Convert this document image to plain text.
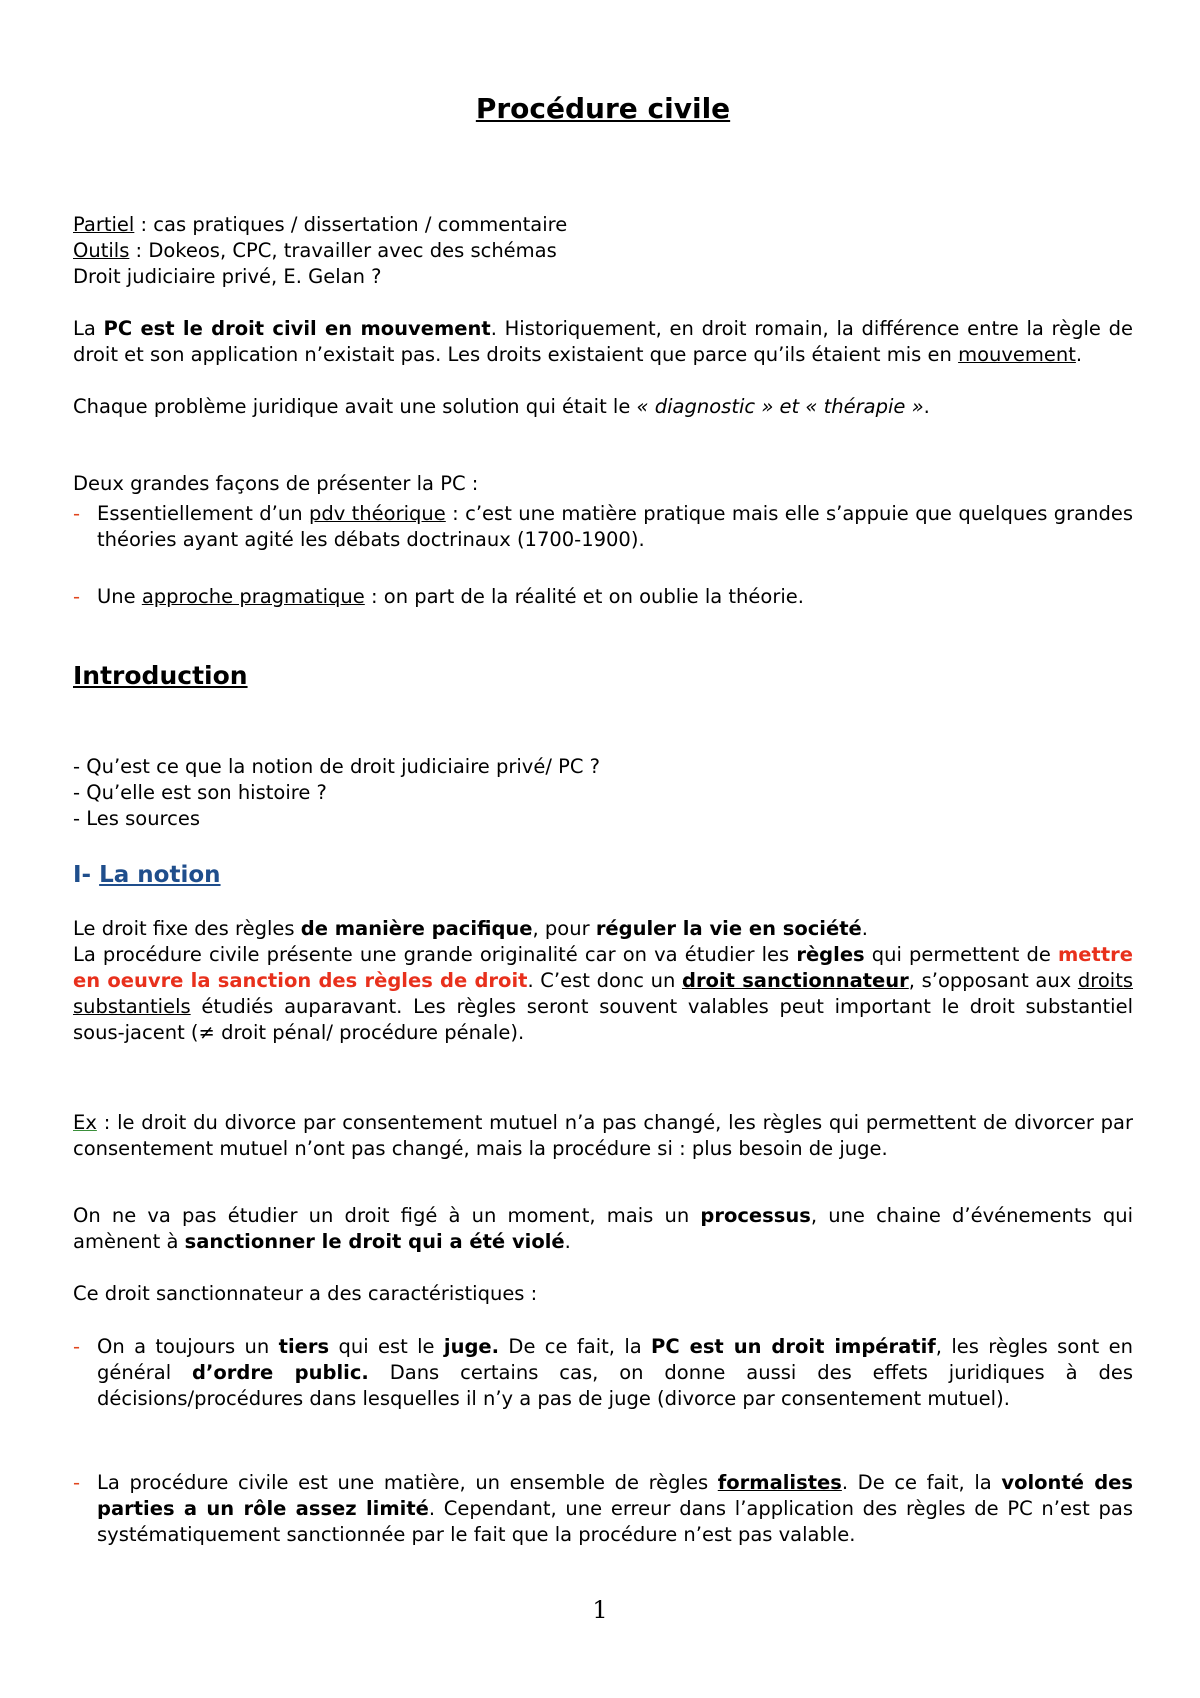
Procédure civile
Partiel : cas pratiques / dissertation / commentaire
Outils : Dokeos, CPC, travailler avec des schémas
Droit judiciaire privé, E. Gelan ?
La PC est le droit civil en mouvement. Historiquement, en droit romain, la différence entre la règle de droit et son application n’existait pas. Les droits existaient que parce qu’ils étaient mis en mouvement.
Chaque problème juridique avait une solution qui était le « diagnostic » et « thérapie ».
Deux grandes façons de présenter la PC :
- Essentiellement d’un pdv théorique : c’est une matière pratique mais elle s’appuie que quelques grandes théories ayant agité les débats doctrinaux (1700-1900).
- Une approche pragmatique : on part de la réalité et on oublie la théorie.
Introduction
- Qu’est ce que la notion de droit judiciaire privé/ PC ?
- Qu’elle est son histoire ?
- Les sources
I- La notion
Le droit fixe des règles de manière pacifique, pour réguler la vie en société.
La procédure civile présente une grande originalité car on va étudier les règles qui permettent de mettre en oeuvre la sanction des règles de droit. C’est donc un droit sanctionnateur, s’opposant aux droits substantiels étudiés auparavant. Les règles seront souvent valables peut important le droit substantiel sous-jacent (≠ droit pénal/ procédure pénale).
Ex : le droit du divorce par consentement mutuel n’a pas changé, les règles qui permettent de divorcer par consentement mutuel n’ont pas changé, mais la procédure si : plus besoin de juge.
On ne va pas étudier un droit figé à un moment, mais un processus, une chaine d’événements qui amènent à sanctionner le droit qui a été violé.
Ce droit sanctionnateur a des caractéristiques :
- On a toujours un tiers qui est le juge. De ce fait, la PC est un droit impératif, les règles sont en général d’ordre public. Dans certains cas, on donne aussi des effets juridiques à des décisions/procédures dans lesquelles il n’y a pas de juge (divorce par consentement mutuel).
- La procédure civile est une matière, un ensemble de règles formalistes. De ce fait, la volonté des parties a un rôle assez limité. Cependant, une erreur dans l’application des règles de PC n’est pas systématiquement sanctionnée par le fait que la procédure n’est pas valable.
1
